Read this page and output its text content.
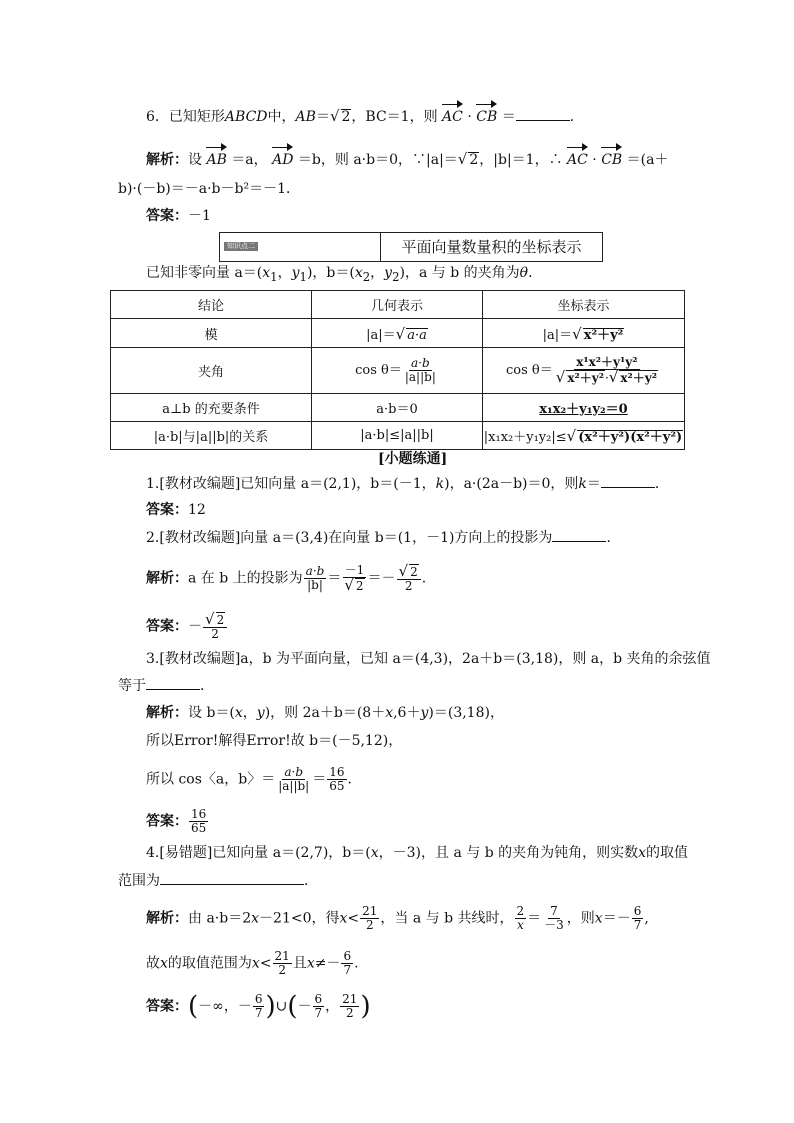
6．已知矩形ABCD中，AB＝√ 2，BC＝1，则 AC · CB ＝	．
解析：设 AB ＝a， AD ＝b，则 a·b＝0，∵|a|＝√ 2，|b|＝1，∴ AC · CB ＝(a＋
b)·(－b)＝－a·b－b²＝－1．
答案：－1
知识点二	平面向量数量积的坐标表示
已知非零向量 $a=(x_1$，$y_1$)，$b=(x_2$，$y_2$)，a 与 b 的夹角为θ．
结论	几何表示	坐标表示
模	|a|＝√ a·a	|a|＝√ x²＋y²
夹角	$\cos \theta= \frac{a\cdot b}{|a||b|}$	$\cos \theta= \frac{\text{x¹x²＋y¹y²}}{\text{√ x²＋y²·√ x²＋y²}}$

a⊥b 的充要条件	a·b＝0	x₁x₂＋y₁y₂＝0
|a·b|与|a||b|的关系	|a·b|≤|a||b|	|x₁x₂＋y₁y₂|≤√ (x²＋y²)(x²＋y²)
[小题练通]
1.[教材改编题]已知向量 a＝(2,1)，b＝(－1，k)，a·(2a－b)＝0，则k＝	．
答案：12
2.[教材改编题]向量 a＝(3,4)在向量 b＝(1，－1)方向上的投影为	．
解析：a 在 b 上的投影为 $\frac{a\cdot b}{|b|} = \frac{-1}{√ 2} =- \frac{√ 2}{2}$ .
答案：－ $\frac{√ 2}{2}$
3.[教材改编题]a，b 为平面向量，已知 a＝(4,3)，2a＋b＝(3,18)，则 a，b 夹角的余弦值
等于	．
解析：设 b＝(x，y)，则 2a＋b＝(8＋x,6＋y)＝(3,18)，
所以Error!解得Error!故 b＝(－5,12)，
所以 cos〈a，b〉＝ $\frac{a\cdot b}{|a||b|} = \frac{16}{65}$ .
答案： $\frac{16}{65}$
4.[易错题]已知向量 a＝(2,7)，b＝(x，－3)，且 a 与 b 的夹角为钝角，则实数x的取值
范围为	．
解析：由 a·b＝2x－21<0，得$x< \frac{21}{2}$ ，当 a 与 b 共线时， $\frac{2}{x} = \frac{7}{-3}$ ，则$x=- \frac{6}{7}$ ,
故x的取值范围为$x< \frac{21}{2}$ 且$x\ne- \frac{6}{7}$ .
答案：(－∞，－ $\frac{6}{7}$ )∪(－ $\frac{6}{7}$ ， $\frac{21}{2}$ )
